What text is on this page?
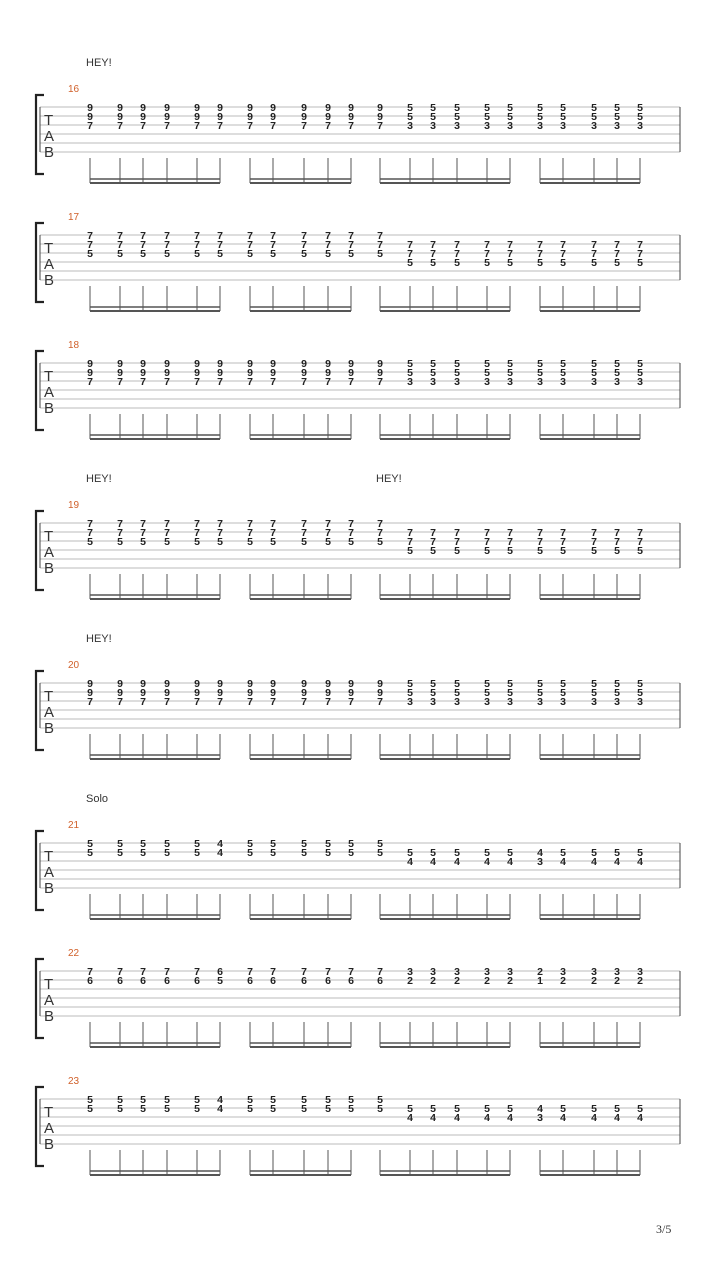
HEY!
16
T
A
B
9
9
7
9
9
7
9
9
7
9
9
7
9
9
7
9
9
7
9
9
7
9
9
7
9
9
7
9
9
7
9
9
7
9
9
7
5
5
3
5
5
3
5
5
3
5
5
3
5
5
3
5
5
3
5
5
3
5
5
3
5
5
3
5
5
3
17
T
A
B
7
7
5
7
7
5
7
7
5
7
7
5
7
7
5
7
7
5
7
7
5
7
7
5
7
7
5
7
7
5
7
7
5
7
7
5
7
7
5
7
7
5
7
7
5
7
7
5
7
7
5
7
7
5
7
7
5
7
7
5
7
7
5
7
7
5
18
T
A
B
9
9
7
9
9
7
9
9
7
9
9
7
9
9
7
9
9
7
9
9
7
9
9
7
9
9
7
9
9
7
9
9
7
9
9
7
5
5
3
5
5
3
5
5
3
5
5
3
5
5
3
5
5
3
5
5
3
5
5
3
5
5
3
5
5
3
HEY!	HEY!
19
T
A
B
7
7
5
7
7
5
7
7
5
7
7
5
7
7
5
7
7
5
7
7
5
7
7
5
7
7
5
7
7
5
7
7
5
7
7
5
7
7
5
7
7
5
7
7
5
7
7
5
7
7
5
7
7
5
7
7
5
7
7
5
7
7
5
7
7
5
HEY!
20
T
A
B
9
9
7
9
9
7
9
9
7
9
9
7
9
9
7
9
9
7
9
9
7
9
9
7
9
9
7
9
9
7
9
9
7
9
9
7
5
5
3
5
5
3
5
5
3
5
5
3
5
5
3
5
5
3
5
5
3
5
5
3
5
5
3
5
5
3
Solo
21
T
A
B
5
5
5
5
5
5
5
5
5
5
4
4
5
5
5
5
5
5
5
5
5
5
5
5 5
4
5
4
5
4
5
4
5
4
4
3
5
4
5
4
5
4
5
4
22
T
A
B
7
6
7
6
7
6
7
6
7
6
6
5
7
6
7
6
7
6
7
6
7
6
7
6
3
2
3
2
3
2
3
2
3
2
2
1
3
2
3
2
3
2
3
2
23
T
A
B
5
5
5
5
5
5
5
5
5
5
4
4
5
5
5
5
5
5
5
5
5
5
5
5 5
4
5
4
5
4
5
4
5
4
4
3
5
4
5
4
5
4
5
4
3/5
